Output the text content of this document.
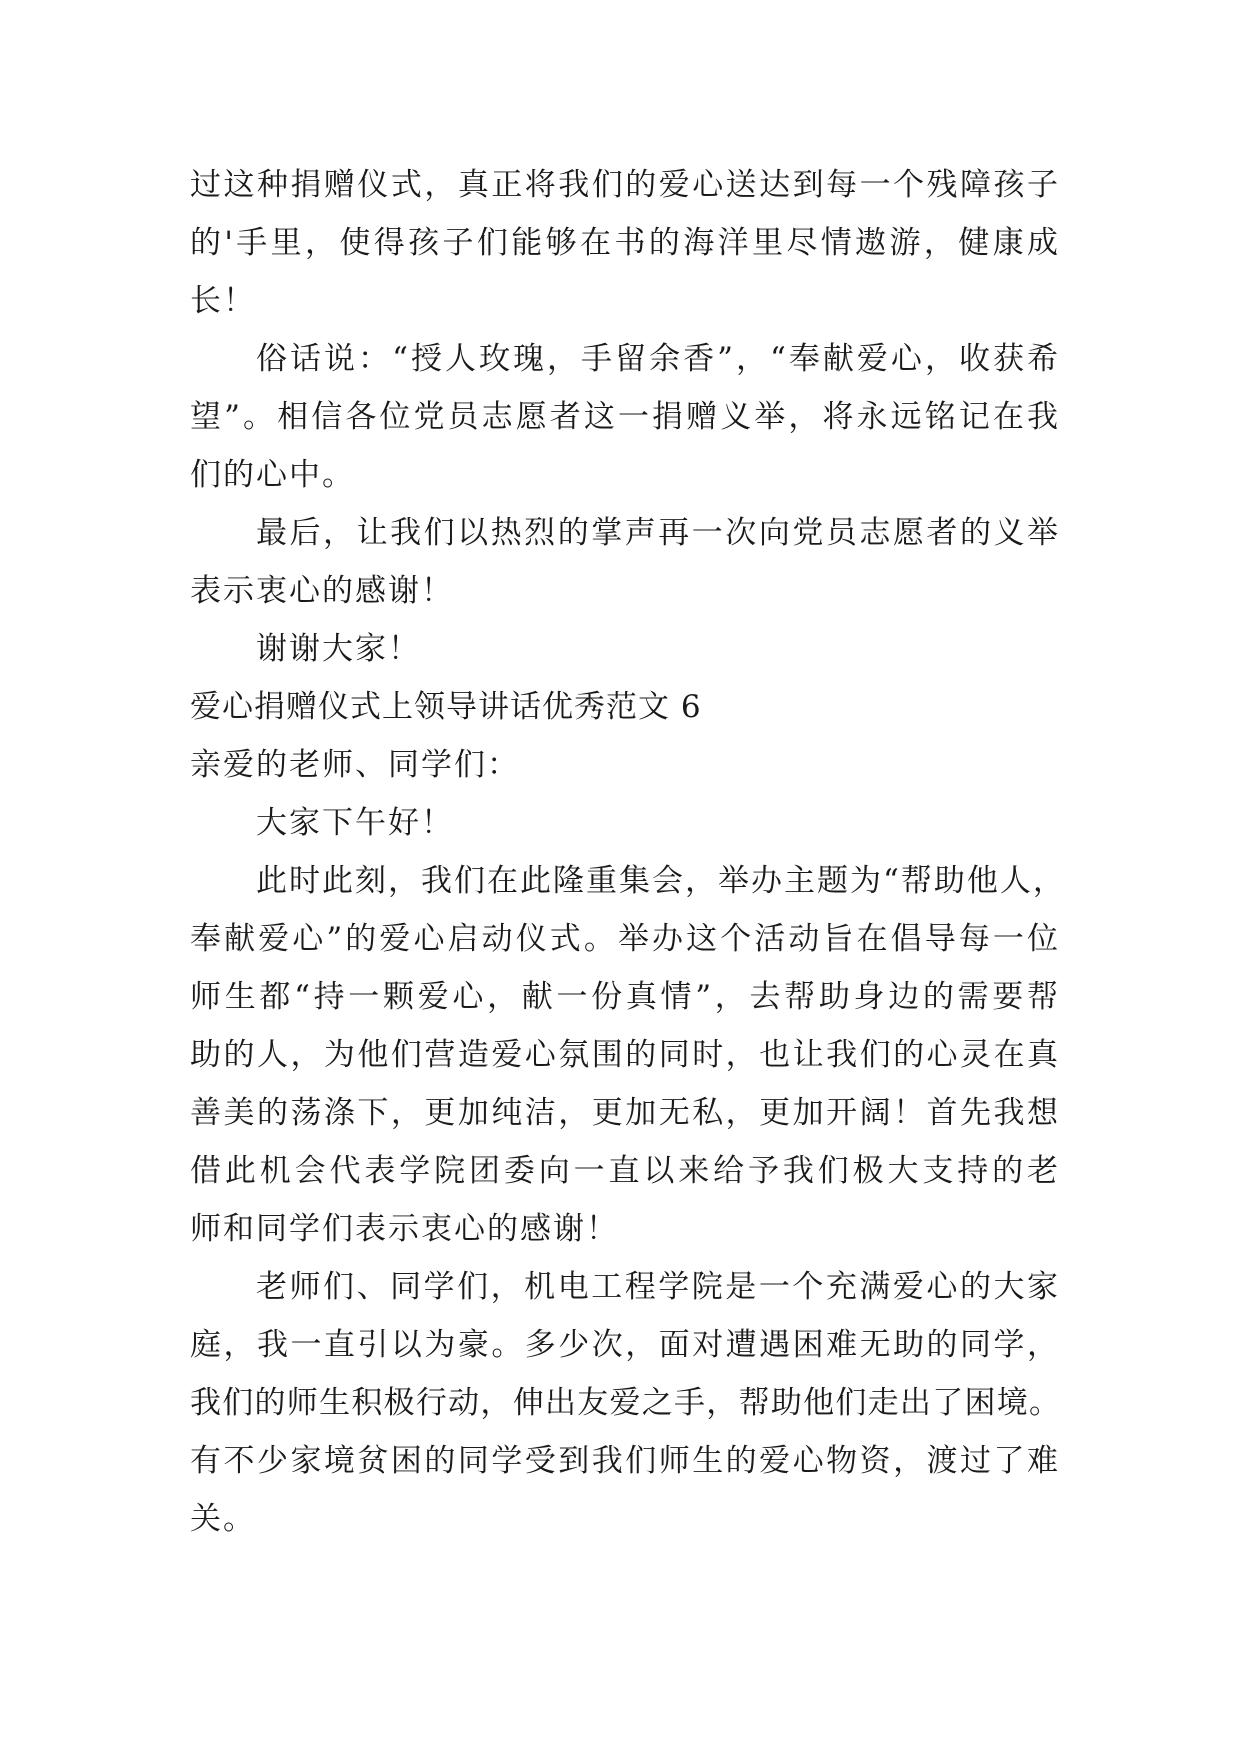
过这种捐赠仪式，真正将我们的爱心送达到每一个残障孩子
的'手里，使得孩子们能够在书的海洋里尽情遨游，健康成
长！
俗话说：“授人玫瑰，手留余香”，“奉献爱心，收获希
望”。相信各位党员志愿者这一捐赠义举，将永远铭记在我
们的心中。
最后，让我们以热烈的掌声再一次向党员志愿者的义举
表示衷心的感谢！
谢谢大家！
爱心捐赠仪式上领导讲话优秀范文 6
亲爱的老师、同学们：
大家下午好！
此时此刻，我们在此隆重集会，举办主题为“帮助他人，
奉献爱心”的爱心启动仪式。举办这个活动旨在倡导每一位
师生都“持一颗爱心，献一份真情”，去帮助身边的需要帮
助的人，为他们营造爱心氛围的同时，也让我们的心灵在真
善美的荡涤下，更加纯洁，更加无私，更加开阔！首先我想
借此机会代表学院团委向一直以来给予我们极大支持的老
师和同学们表示衷心的感谢！
老师们、同学们，机电工程学院是一个充满爱心的大家
庭，我一直引以为豪。多少次，面对遭遇困难无助的同学，
我们的师生积极行动，伸出友爱之手，帮助他们走出了困境。
有不少家境贫困的同学受到我们师生的爱心物资，渡过了难
关。
